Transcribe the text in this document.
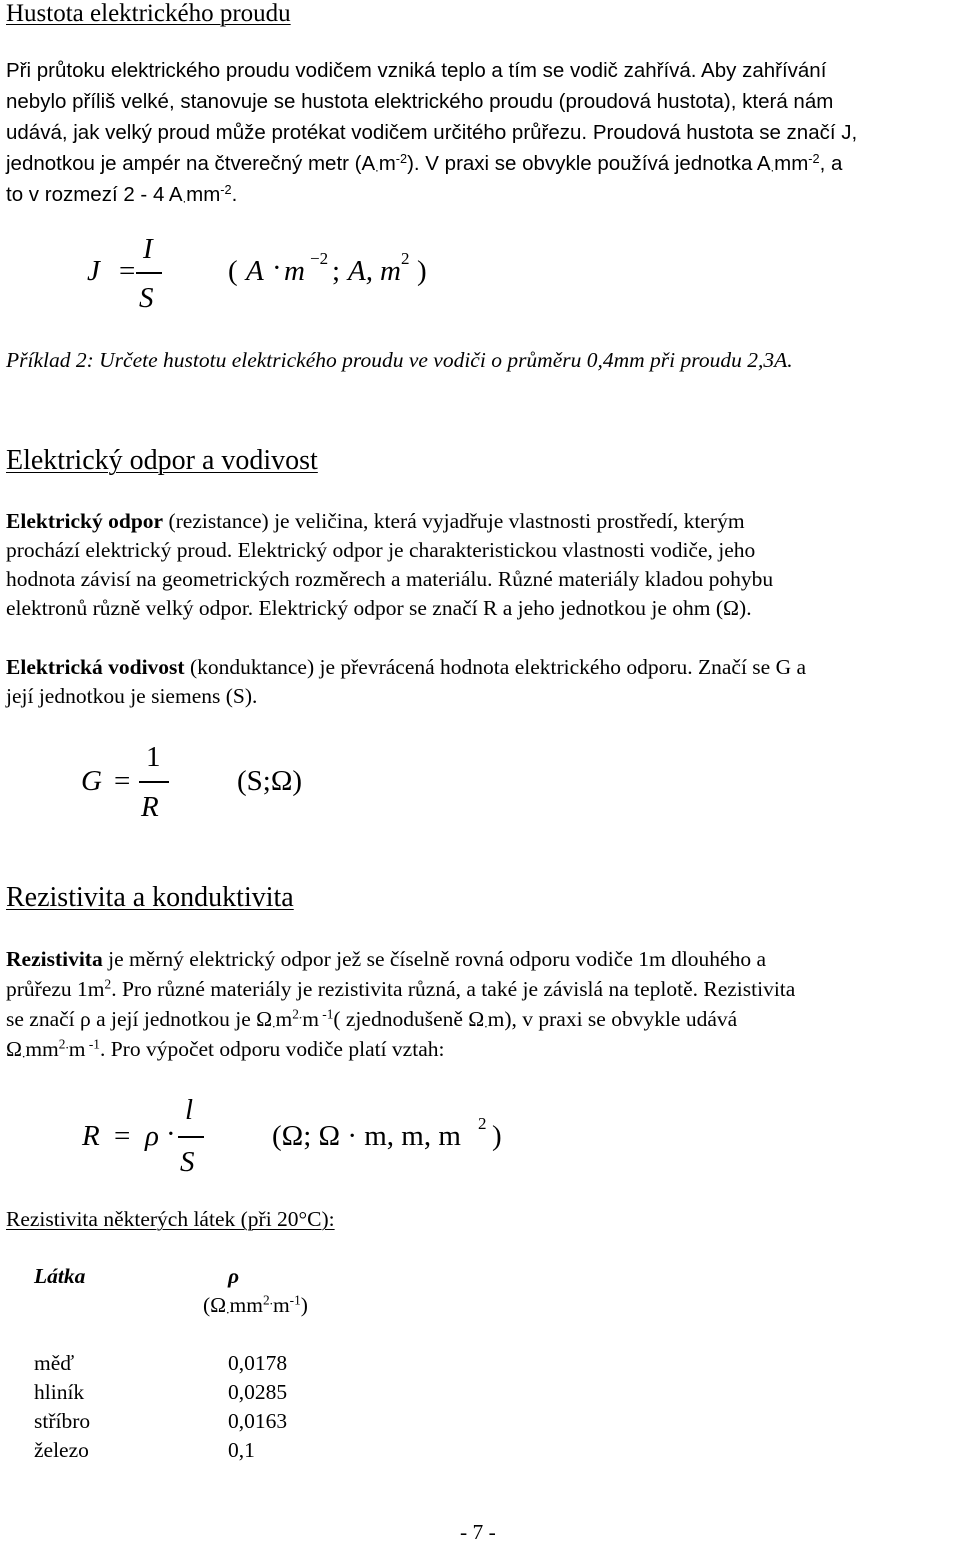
Hustota elektrického proudu
Při průtoku elektrického proudu vodičem vzniká teplo a tím se vodič zahřívá. Aby zahřívání
nebylo příliš velké, stanovuje se hustota elektrického proudu (proudová hustota), která nám
udává, jak velký proud může protékat vodičem určitého průřezu. Proudová hustota se značí J,
jednotkou je ampér na čtverečný metr $(A_.m^{-2})$. V praxi se obvykle používá jednotka $A_.mm^{-2}$, a
to v rozmezí 2 - 4 $A_.mm^{-2}$.
J =
I
S
( A · m −2 ; A, m 2 )
Příklad 2: Určete hustotu elektrického proudu ve vodiči o průměru 0,4mm při proudu 2,3A.
Elektrický odpor a vodivost
Elektrický odpor (rezistance) je veličina, která vyjadřuje vlastnosti prostředí, kterým
prochází elektrický proud. Elektrický odpor je charakteristickou vlastnosti vodiče, jeho
hodnota závisí na geometrických rozměrech a materiálu. Různé materiály kladou pohybu
elektronů různě velký odpor. Elektrický odpor se značí R a jeho jednotkou je ohm (Ω).
Elektrická vodivost (konduktance) je převrácená hodnota elektrického odporu. Značí se G a
její jednotkou je siemens (S).
G =
1
R
(S;Ω)
Rezistivita a konduktivita
Rezistivita je měrný elektrický odpor jež se číselně rovná odporu vodiče 1m dlouhého a
průřezu $1m^2$. Pro různé materiály je rezistivita různá, a také je závislá na teplotě. Rezistivita
se značí ρ a její jednotkou je $\Omega_.m^{2.}m$ $^{-1}$( zjednodušeně $\Omega_.m$), v praxi se obvykle udává
$\Omega_.mm^{2.}m$ $^{-1}$. Pro výpočet odporu vodiče platí vztah:
R = ρ ·
l
S
(Ω; Ω · m, m, m 2 )
Rezistivita některých látek (při 20°C):
Látka	ρ
$(\Omega_.mm^{2.}m^{-1})$
měď	0,0178
hliník	0,0285
stříbro	0,0163
železo	0,1
- 7 -
